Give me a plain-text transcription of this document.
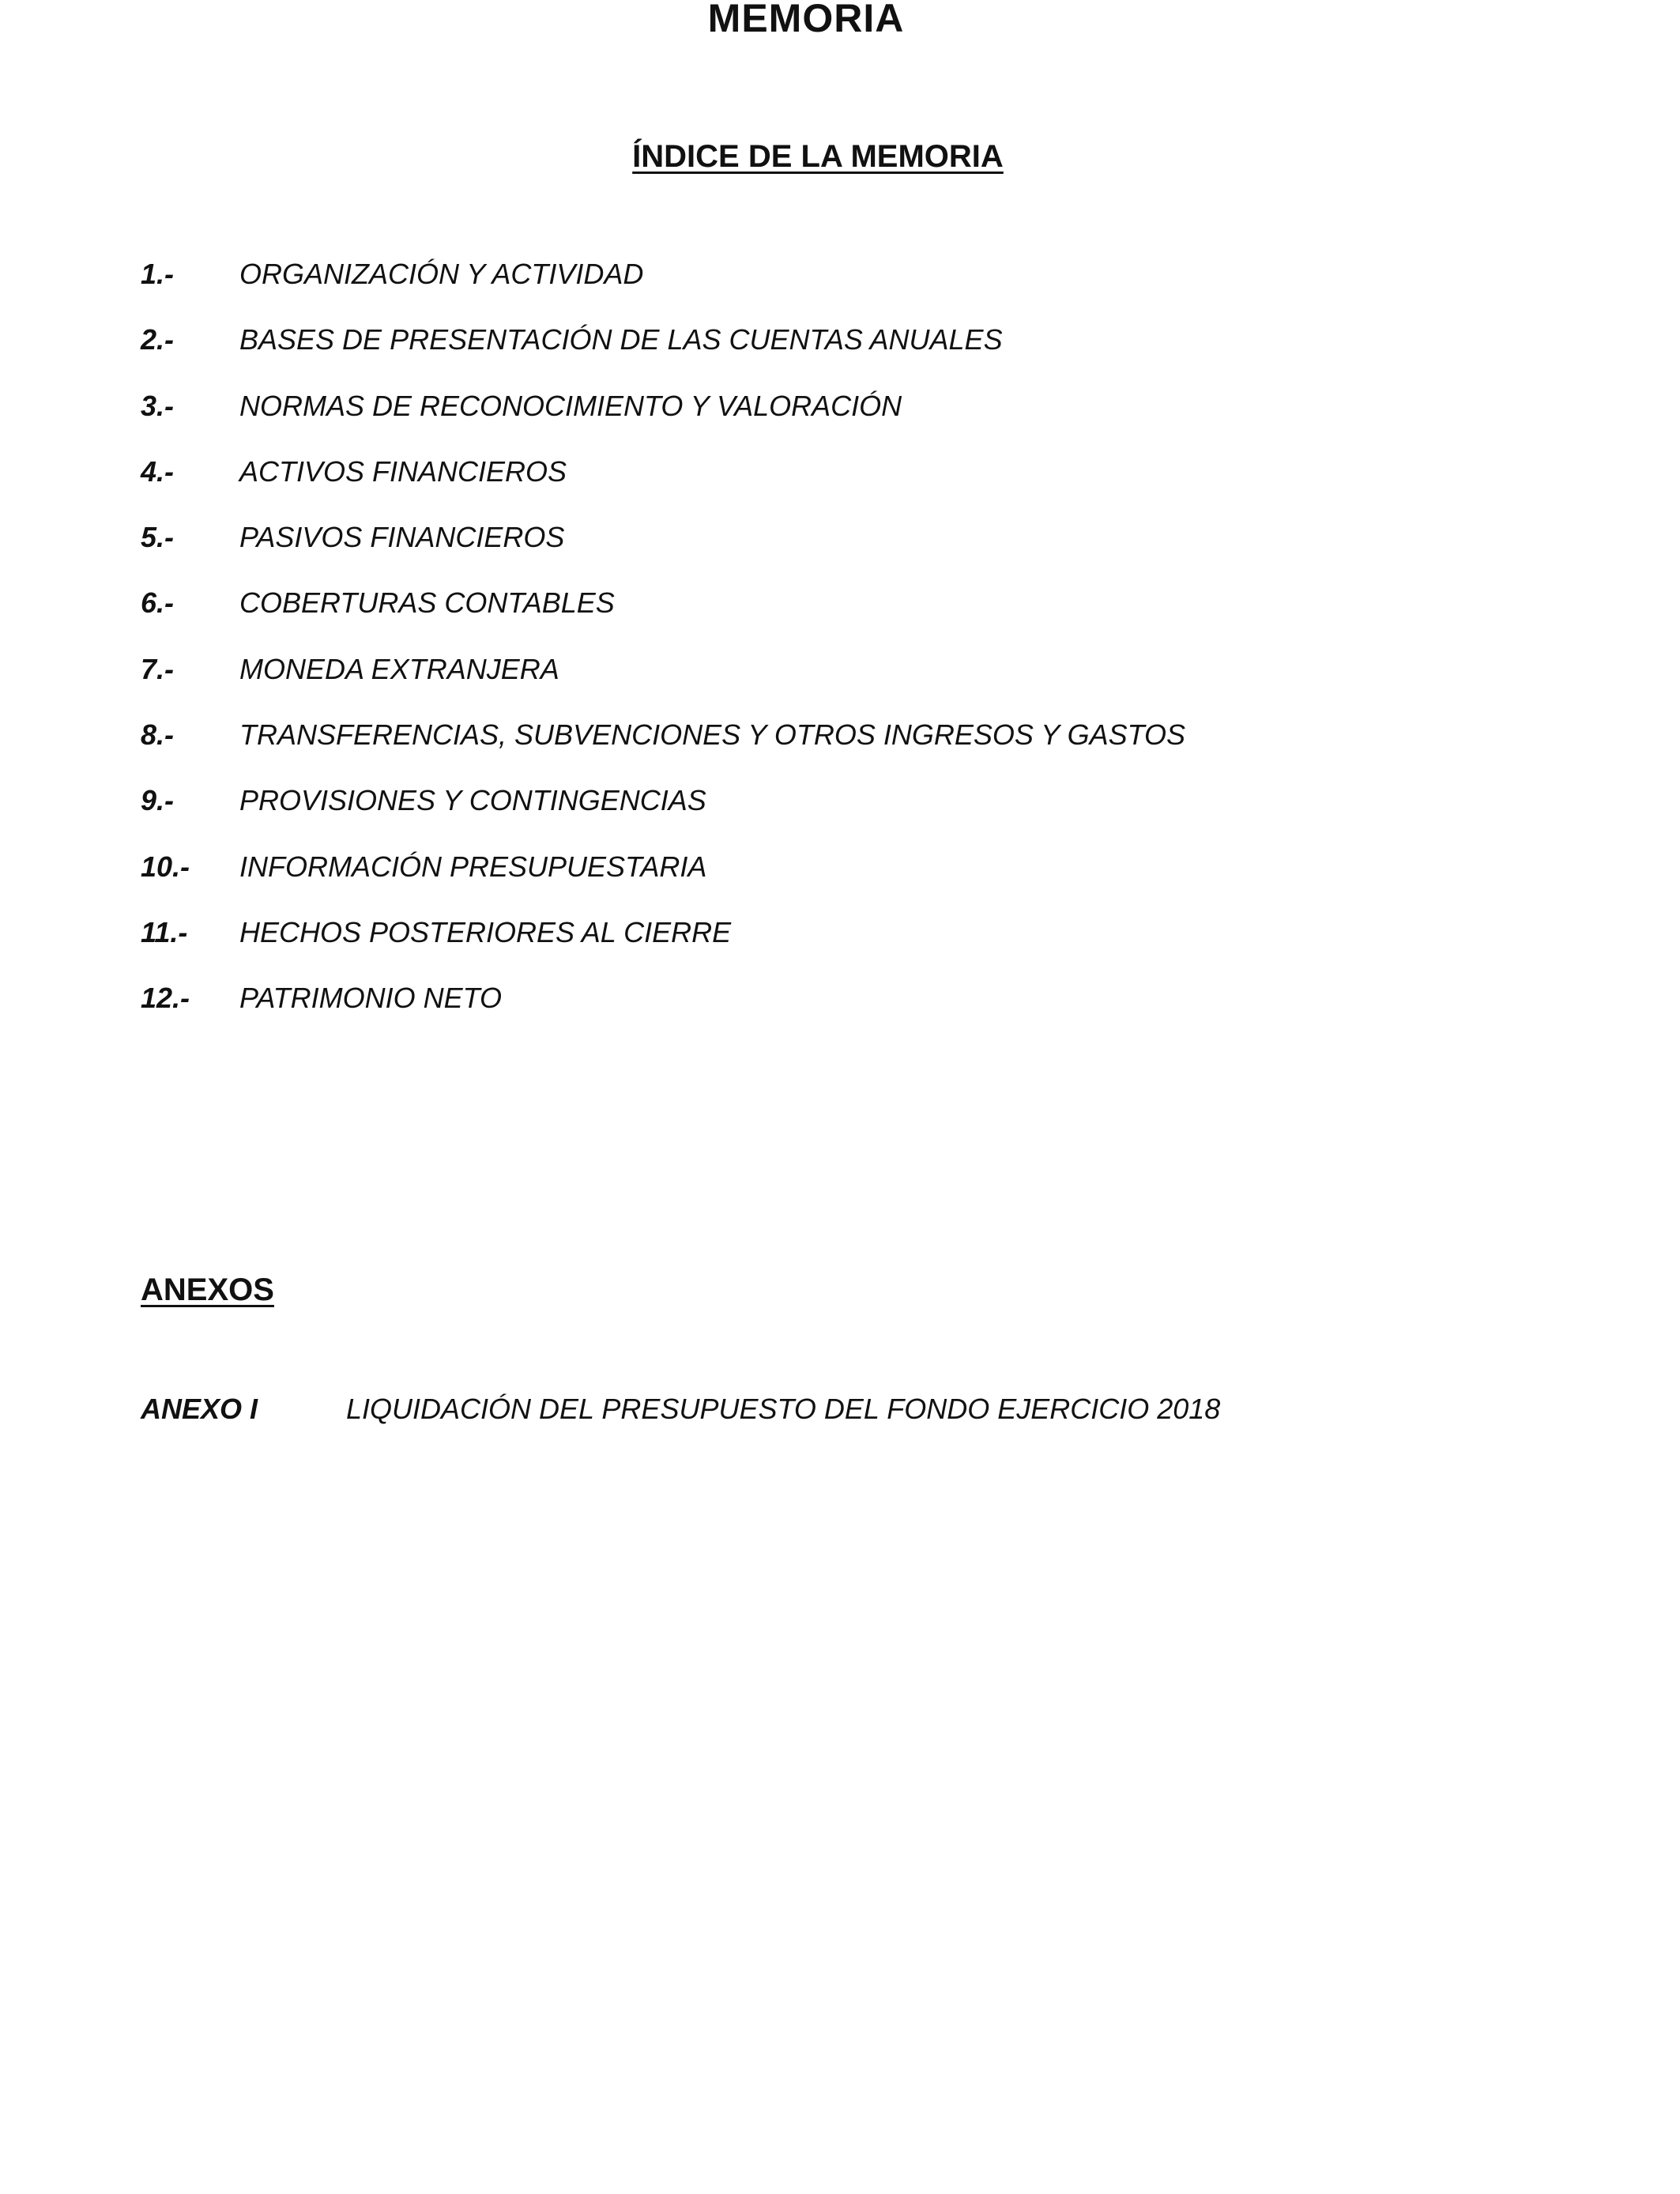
MEMORIA
ÍNDICE DE LA MEMORIA
1.-	ORGANIZACIÓN Y ACTIVIDAD
2.-	BASES DE PRESENTACIÓN DE LAS CUENTAS ANUALES
3.-	NORMAS DE RECONOCIMIENTO Y VALORACIÓN
4.-	ACTIVOS FINANCIEROS
5.-	PASIVOS FINANCIEROS
6.-	COBERTURAS CONTABLES
7.-	MONEDA EXTRANJERA
8.-	TRANSFERENCIAS, SUBVENCIONES Y OTROS INGRESOS Y GASTOS
9.-	PROVISIONES Y CONTINGENCIAS
10.-	INFORMACIÓN PRESUPUESTARIA
11.-	HECHOS POSTERIORES AL CIERRE
12.-	PATRIMONIO NETO
ANEXOS
ANEXO I	LIQUIDACIÓN DEL PRESUPUESTO DEL FONDO EJERCICIO 2018
